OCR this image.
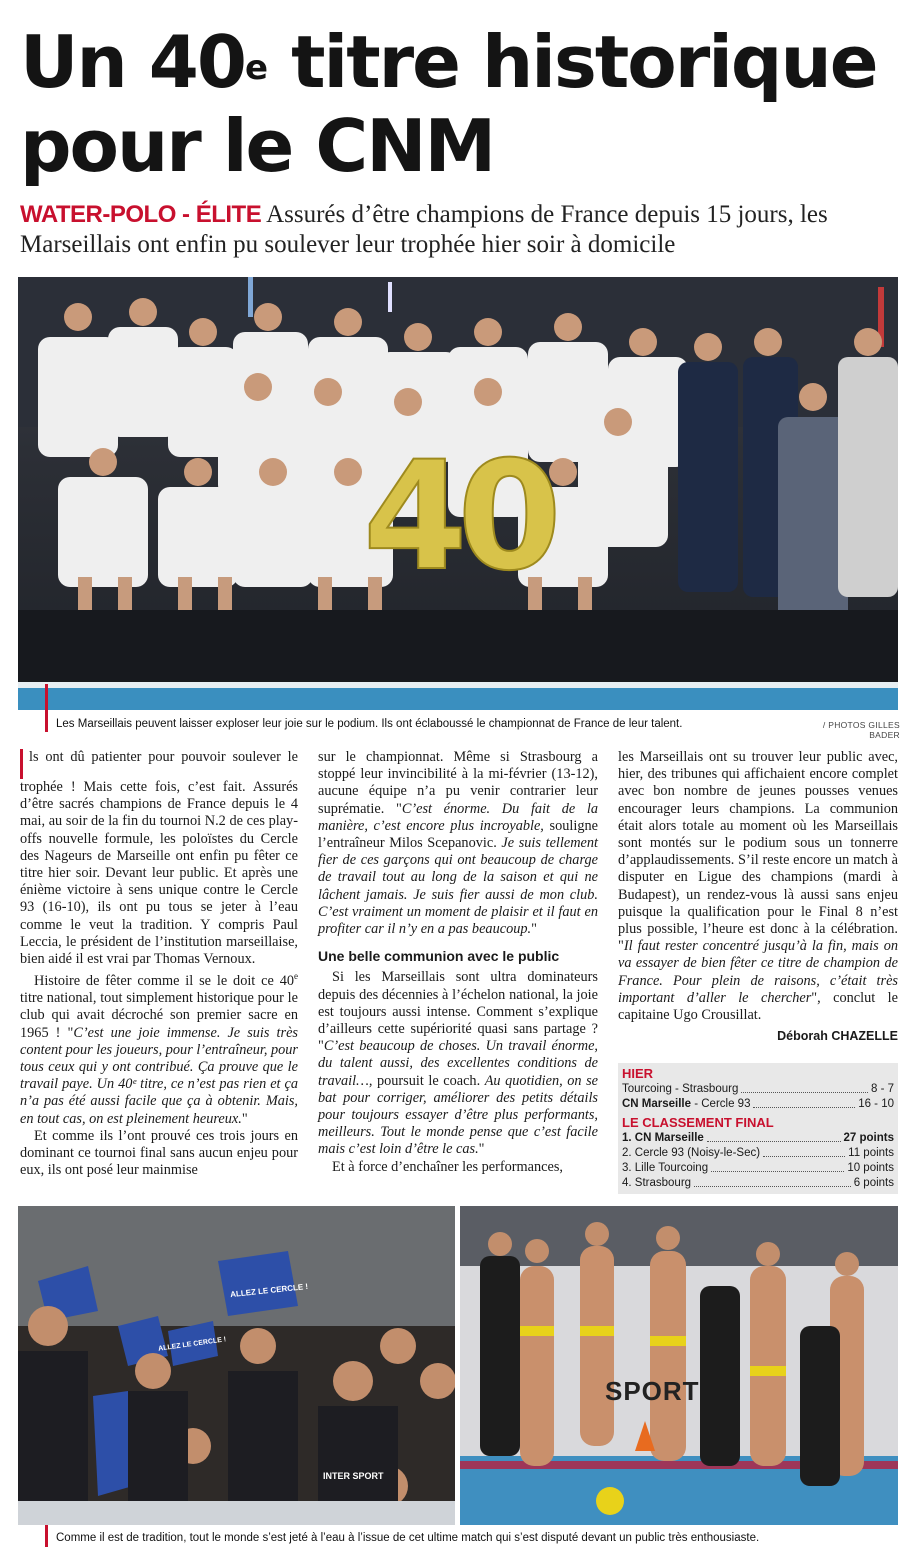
Un 40e titre historique
pour le CNM
WATER-POLO - ÉLITE Assurés d’être champions de France depuis 15 jours, les Marseillais ont enfin pu soulever leur trophée hier soir à domicile
40
Les Marseillais peuvent laisser exploser leur joie sur le podium. Ils ont éclaboussé le championnat de France de leur talent.	/ PHOTOS GILLES BADER

ls ont dû patienter pour pouvoir soulever le trophée ! Mais cette fois, c’est fait. Assurés d’être sacrés champions de France depuis le 4 mai, au soir de la fin du tournoi N.2 de ces play-offs nouvelle formule, les poloïstes du Cercle des Nageurs de Marseille ont enfin pu fêter ce titre hier soir. Devant leur public. Et après une énième victoire à sens unique contre le Cercle 93 (16-10), ils ont pu tous se jeter à l’eau comme le veut la tradition. Y compris Paul Leccia, le président de l’institution marseillaise, bien aidé il est vrai par Thomas Vernoux.

Histoire de fêter comme il se le doit ce 40e titre national, tout simplement historique pour le club qui avait décroché son premier sacre en 1965 ! "C’est une joie immense. Je suis très content pour les joueurs, pour l’entraîneur, pour tous ceux qui y ont contribué. Ça prouve que le travail paye. Un 40ᵉ titre, ce n’est pas rien et ça n’a pas été aussi facile que ça à obtenir. Mais, en tout cas, on est pleinement heureux."

Et comme ils l’ont prouvé ces trois jours en dominant ce tournoi final sans aucun enjeu pour eux, ils ont posé leur mainmise

sur le championnat. Même si Strasbourg a stoppé leur invincibilité à la mi-février (13-12), aucune équipe n’a pu venir contrarier leur suprématie. "C’est énorme. Du fait de la manière, c’est encore plus incroyable, souligne l’entraîneur Milos Scepanovic. Je suis tellement fier de ces garçons qui ont beaucoup de charge de travail tout au long de la saison et qui ne lâchent jamais. Je suis fier aussi de mon club. C’est vraiment un moment de plaisir et il faut en profiter car il n’y en a pas beaucoup."

Une belle communion avec le public

Si les Marseillais sont ultra dominateurs depuis des décennies à l’échelon national, la joie est toujours aussi intense. Comment s’explique d’ailleurs cette supériorité quasi sans partage ? "C’est beaucoup de choses. Un travail énorme, du talent aussi, des excellentes conditions de travail…, poursuit le coach. Au quotidien, on se bat pour corriger, améliorer des petits détails pour toujours essayer d’être plus performants, meilleurs. Tout le monde pense que c’est facile mais c’est loin d’être le cas."

Et à force d’enchaîner les performances,

les Marseillais ont su trouver leur public avec, hier, des tribunes qui affichaient encore complet avec bon nombre de jeunes pousses venues encourager leurs champions. La communion était alors totale au moment où les Marseillais sont montés sur le podium sous un tonnerre d’applaudissements. S’il reste encore un match à disputer en Ligue des champions (mardi à Budapest), un rendez-vous là aussi sans enjeu puisque la qualification pour le Final 8 n’est plus possible, l’heure est donc à la célébration. "Il faut rester concentré jusqu’à la fin, mais on va essayer de bien fêter ce titre de champion de France. Pour plein de raisons, c’était très important d’aller le chercher", conclut le capitaine Ugo Crousillat.

Déborah CHAZELLE
HIER
Tourcoing - Strasbourg	8 - 7
CN Marseille - Cercle 93	16 - 10
LE CLASSEMENT FINAL
1. CN Marseille	27 points
2. Cercle 93 (Noisy-le-Sec)	11 points
3. Lille Tourcoing	10 points
4. Strasbourg	6 points
ALLEZ LE CERCLE !
ALLEZ LE CERCLE !
INTER SPORT
SPORT
Comme il est de tradition, tout le monde s’est jeté à l’eau à l’issue de cet ultime match qui s’est disputé devant un public très enthousiaste.
